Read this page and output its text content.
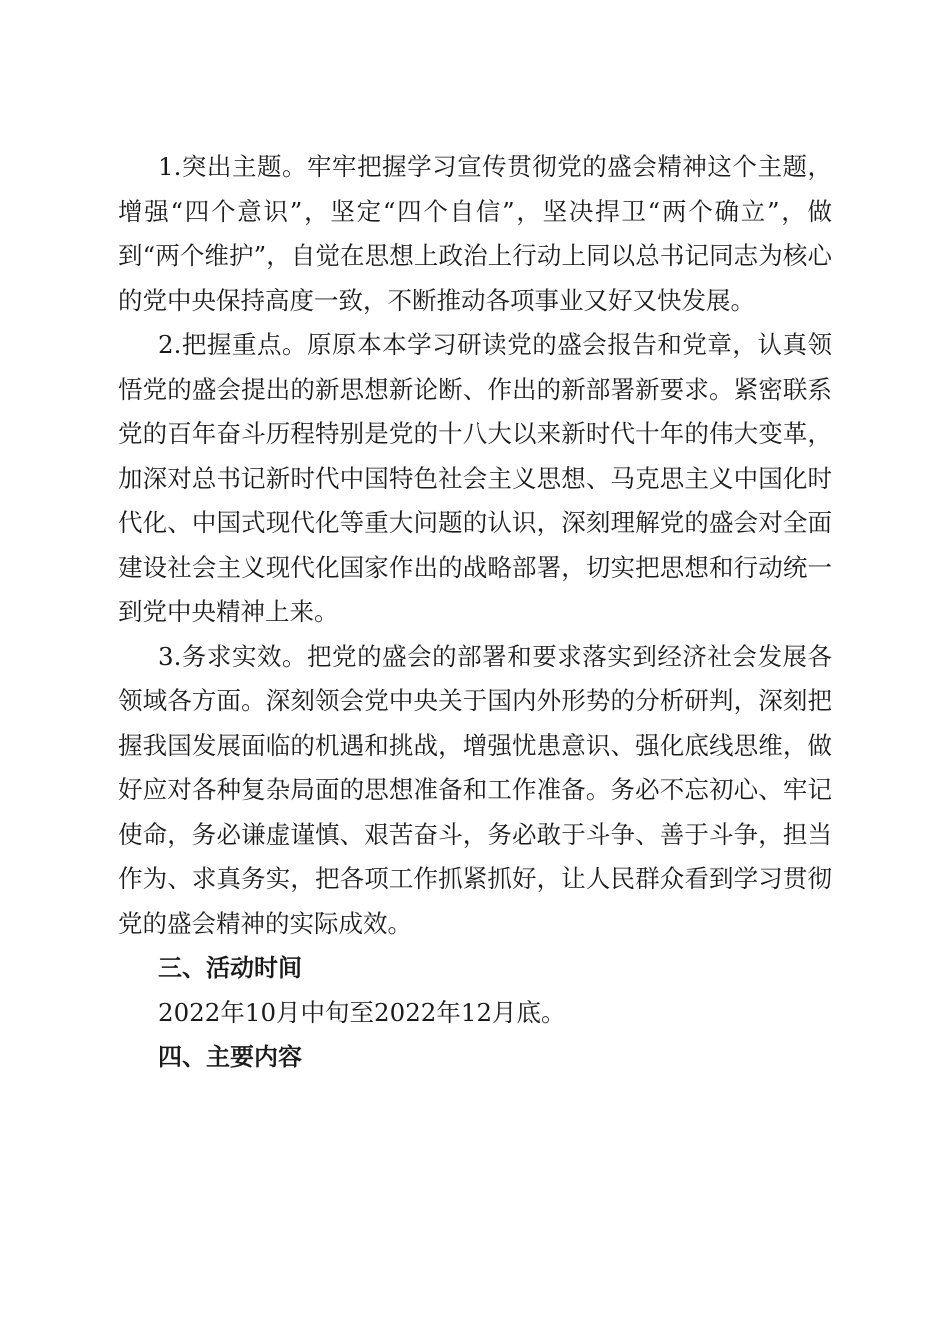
1.突出主题。牢牢把握学习宣传贯彻党的盛会精神这个主题，增强“四个意识”，坚定“四个自信”，坚决捍卫“两个确立”，做到“两个维护”，自觉在思想上政治上行动上同以总书记同志为核心的党中央保持高度一致，不断推动各项事业又好又快发展。

2.把握重点。原原本本学习研读党的盛会报告和党章，认真领悟党的盛会提出的新思想新论断、作出的新部署新要求。紧密联系党的百年奋斗历程特别是党的十八大以来新时代十年的伟大变革，加深对总书记新时代中国特色社会主义思想、马克思主义中国化时代化、中国式现代化等重大问题的认识，深刻理解党的盛会对全面建设社会主义现代化国家作出的战略部署，切实把思想和行动统一到党中央精神上来。

3.务求实效。把党的盛会的部署和要求落实到经济社会发展各领域各方面。深刻领会党中央关于国内外形势的分析研判，深刻把握我国发展面临的机遇和挑战，增强忧患意识、强化底线思维，做好应对各种复杂局面的思想准备和工作准备。务必不忘初心、牢记使命，务必谦虚谨慎、艰苦奋斗，务必敢于斗争、善于斗争，担当作为、求真务实，把各项工作抓紧抓好，让人民群众看到学习贯彻党的盛会精神的实际成效。

三、活动时间

2022年10月中旬至2022年12月底。

四、主要内容
